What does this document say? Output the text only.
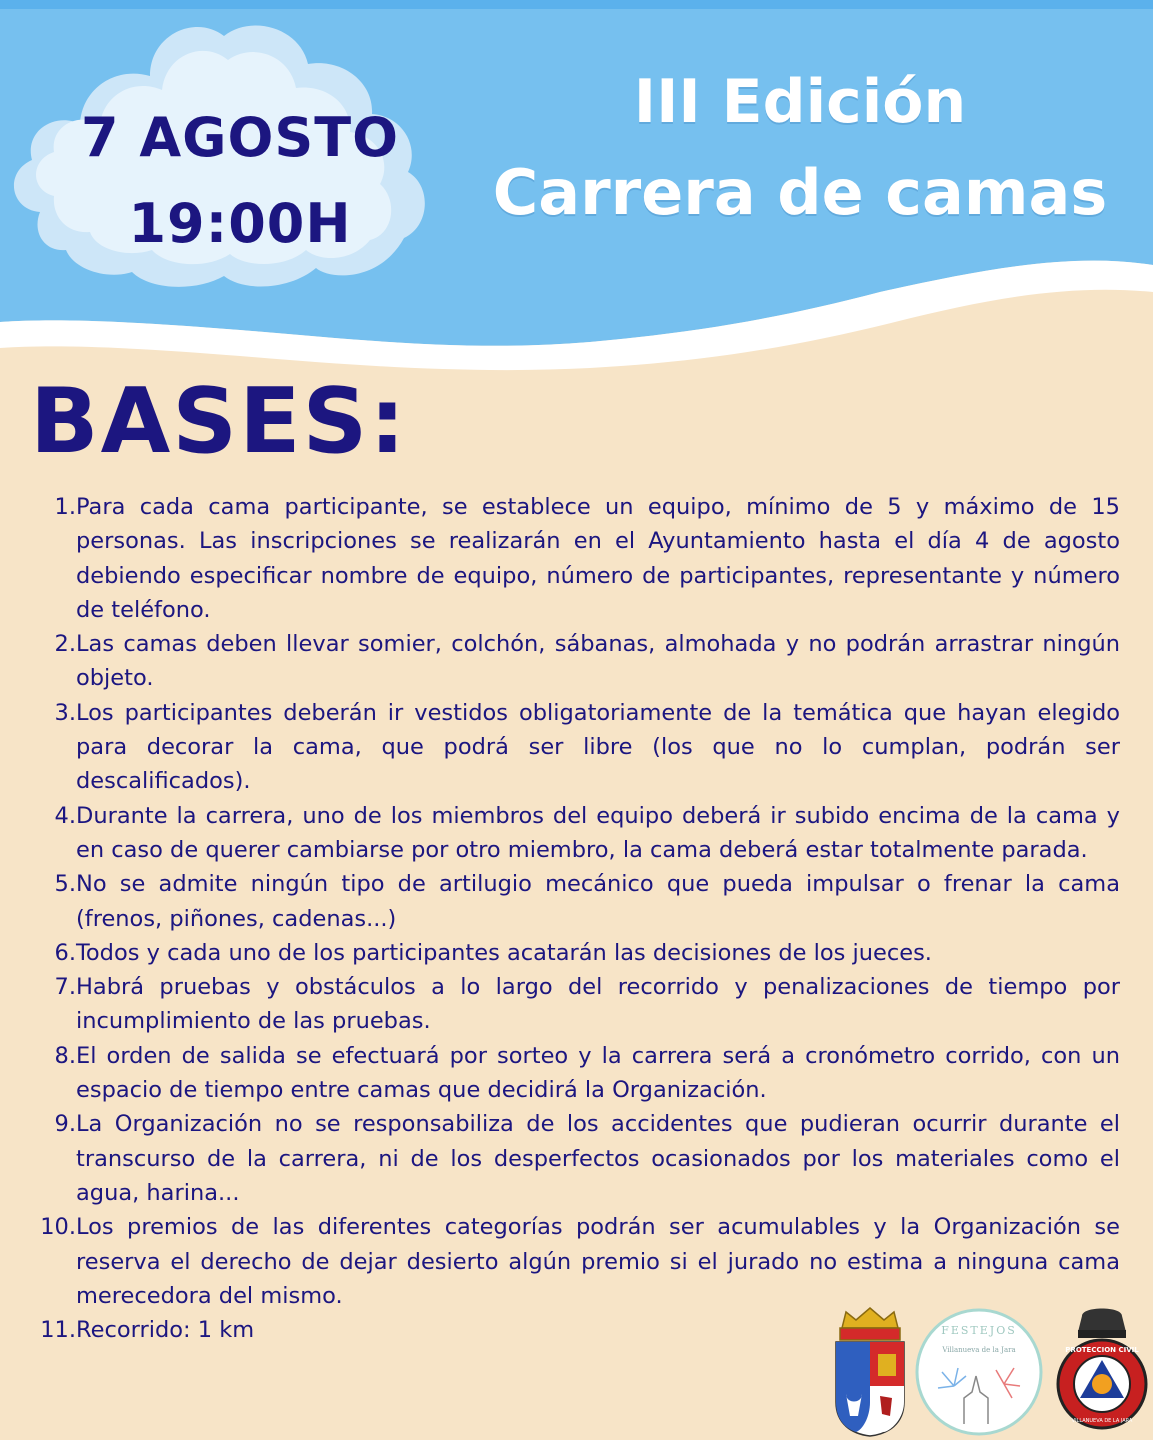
7 AGOSTO
19:00H
III Edición
Carrera de camas
BASES:
1. Para cada cama participante, se establece un equipo, mínimo de 5 y máximo de 15 personas. Las inscripciones se realizarán en el Ayuntamiento hasta el día 4 de agosto debiendo especificar nombre de equipo, número de participantes, representante y número de teléfono.
2. Las camas deben llevar somier, colchón, sábanas, almohada y no podrán arrastrar ningún objeto.
3. Los participantes deberán ir vestidos obligatoriamente de la temática que hayan elegido para decorar la cama, que podrá ser libre (los que no lo cumplan, podrán ser descalificados).
4. Durante la carrera, uno de los miembros del equipo deberá ir subido encima de la cama y en caso de querer cambiarse por otro miembro, la cama deberá estar totalmente parada.
5. No se admite ningún tipo de artilugio mecánico que pueda impulsar o frenar la cama (frenos, piñones, cadenas...)
6. Todos y cada uno de los participantes acatarán las decisiones de los jueces.
7. Habrá pruebas y obstáculos a lo largo del recorrido y penalizaciones de tiempo por incumplimiento de las pruebas.
8. El orden de salida se efectuará por sorteo y la carrera será a cronómetro corrido, con un espacio de tiempo entre camas que decidirá la Organización.
9. La Organización no se responsabiliza de los accidentes que pudieran ocurrir durante el transcurso de la carrera, ni de los desperfectos ocasionados por los materiales como el agua, harina...
10. Los premios de las diferentes categorías podrán ser acumulables y la Organización se reserva el derecho de dejar desierto algún premio si el jurado no estima a ninguna cama merecedora del mismo.
11. Recorrido: 1 km	FESTEJOS
Villanueva de la Jara	PROTECCION CIVIL
VILLANUEVA DE LA JARA
